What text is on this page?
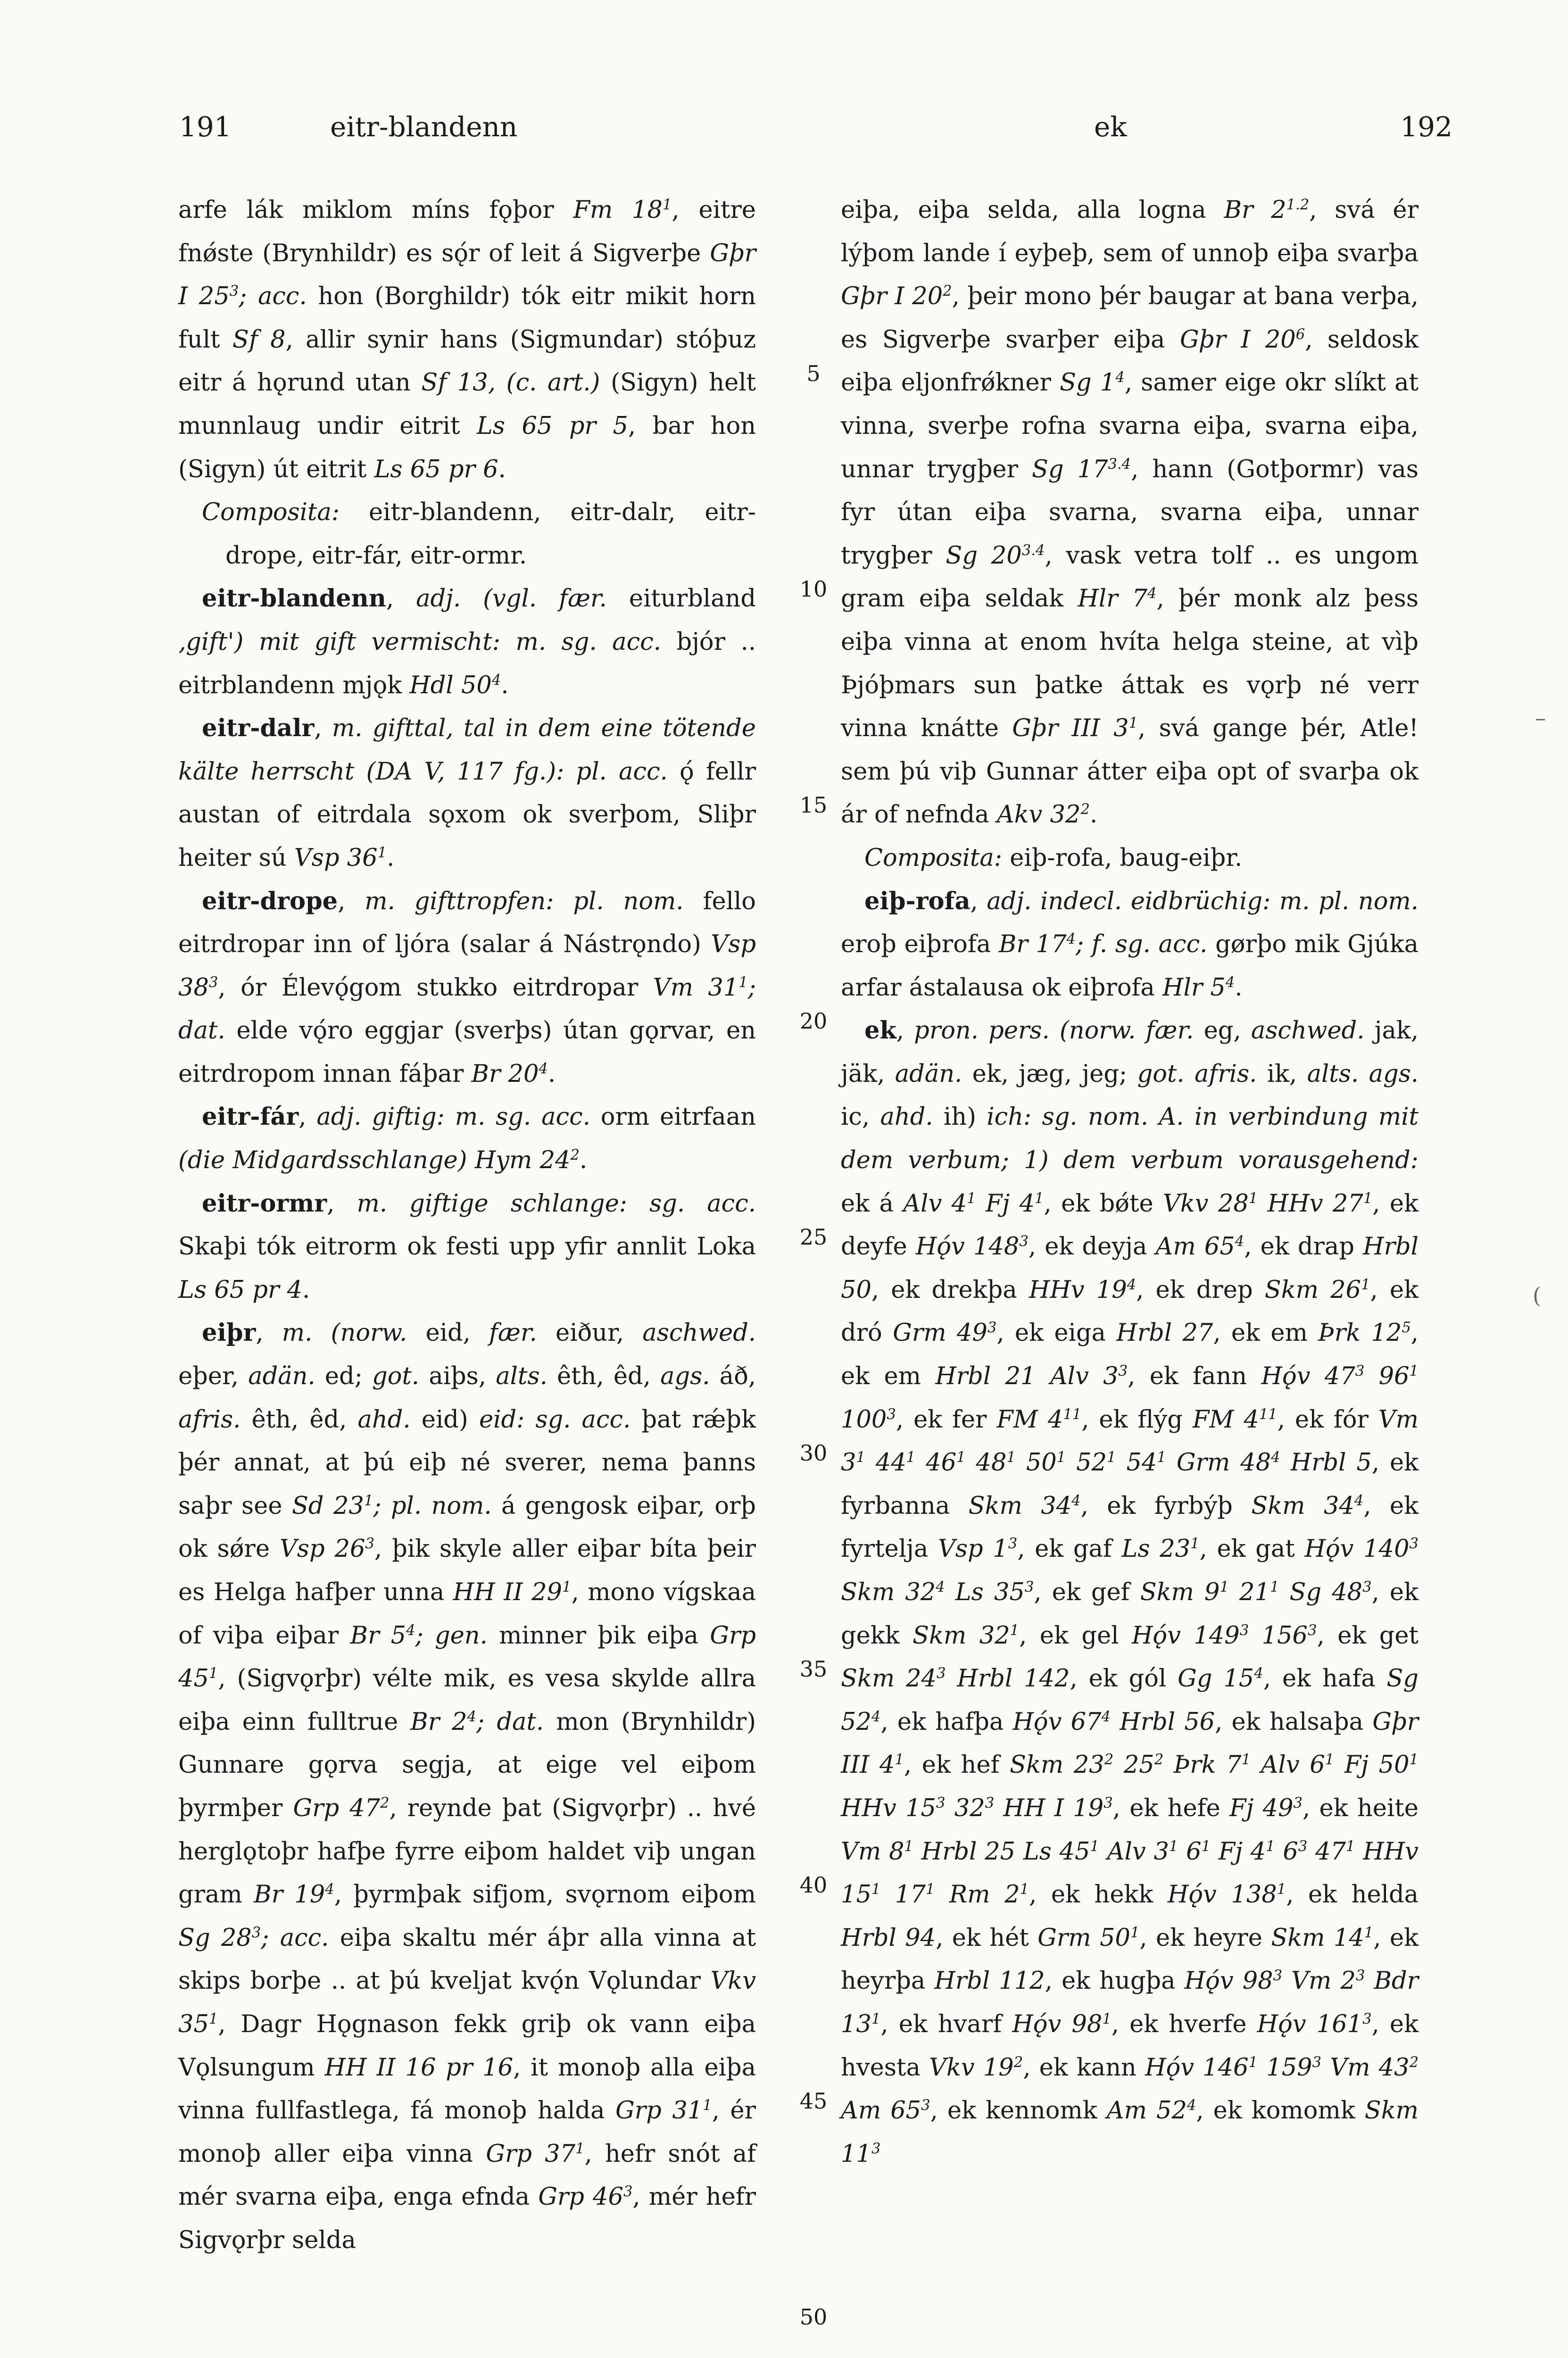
191	eitr-blandenn	ek	192

arfe lák miklom míns fǫþor Fm $18^1$, eitre fnǿste (Brynhildr) es sǫ́r of leit á Sigverþe Gþr I $25^3$; acc. hon (Borghildr) tók eitr mikit horn fult Sf 8, allir synir hans (Sigmundar) stóþuz eitr á hǫrund utan Sf 13, (c. art.) (Sigyn) helt munnlaug undir eitrit Ls 65 pr 5, bar hon (Sigyn) út eitrit Ls 65 pr 6.

Composita: eitr-blandenn, eitr-dalr, eitr-drope, eitr-fár, eitr-ormr.

eitr-blandenn, adj. (vgl. fær. eiturbland ‚gift') mit gift vermischt: m. sg. acc. bjór .. eitrblandenn mjǫk Hdl $50^4$.

eitr-dalr, m. gifttal, tal in dem eine tötende kälte herrscht (DA V, 117 fg.): pl. acc. ǫ́ fellr austan of eitrdala sǫxom ok sverþom, Sliþr heiter sú Vsp $36^1$.

eitr-drope, m. gifttropfen: pl. nom. fello eitrdropar inn of ljóra (salar á Nástrǫndo) Vsp $38^3$, ór Élevǫ́gom stukko eitrdropar Vm $31^1$; dat. elde vǫ́ro eggjar (sverþs) útan gǫrvar, en eitrdropom innan fáþar Br $20^4$.

eitr-fár, adj. giftig: m. sg. acc. orm eitrfaan (die Midgardsschlange) Hym $24^2$.

eitr-ormr, m. giftige schlange: sg. acc. Skaþi tók eitrorm ok festi upp yfir annlit Loka Ls 65 pr 4.

eiþr, m. (norw. eid, fær. eiður, aschwed. eþer, adän. ed; got. aiþs, alts. êth, êd, ags. áð, afris. êth, êd, ahd. eid) eid: sg. acc. þat rǽþk þér annat, at þú eiþ né sverer, nema þanns saþr see Sd $23^1$; pl. nom. á gengosk eiþar, orþ ok sǿre Vsp $26^3$, þik skyle aller eiþar bíta þeir es Helga hafþer unna HH II $29^1$, mono vígskaa of viþa eiþar Br $5^4$; gen. minner þik eiþa Grp $45^1$, (Sigvǫrþr) vélte mik, es vesa skylde allra eiþa einn fulltrue Br $2^4$; dat. mon (Brynhildr) Gunnare gǫrva segja, at eige vel eiþom þyrmþer Grp $47^2$, reynde þat (Sigvǫrþr) .. hvé herglǫtoþr hafþe fyrre eiþom haldet viþ ungan gram Br $19^4$, þyrmþak sifjom, svǫrnom eiþom Sg $28^3$; acc. eiþa skaltu mér áþr alla vinna at skips borþe .. at þú kveljat kvǫ́n Vǫlundar Vkv $35^1$, Dagr Hǫgnason fekk griþ ok vann eiþa Vǫlsungum HH II 16 pr 16, it monoþ alla eiþa vinna fullfastlega, fá monoþ halda Grp $31^1$, ér monoþ aller eiþa vinna Grp $37^1$, hefr snót af mér svarna eiþa, enga efnda Grp $46^3$, mér hefr Sigvǫrþr selda

5
10
15
20
25
30
35
40
45
50

eiþa, eiþa selda, alla logna Br $2^{1.2}$, svá ér lýþom lande í eyþeþ, sem of unnoþ eiþa svarþa Gþr I $20^2$, þeir mono þér baugar at bana verþa, es Sigverþe svarþer eiþa Gþr I $20^6$, seldosk eiþa eljonfrǿkner Sg $1^4$, samer eige okr slíkt at vinna, sverþe rofna svarna eiþa, svarna eiþa, unnar trygþer Sg $17^{3.4}$, hann (Gotþormr) vas fyr útan eiþa svarna, svarna eiþa, unnar trygþer Sg $20^{3.4}$, vask vetra tolf .. es ungom gram eiþa seldak Hlr $7^4$, þér monk alz þess eiþa vinna at enom hvíta helga steine, at vìþ Þjóþmars sun þatke áttak es vǫrþ né verr vinna knátte Gþr III $3^1$, svá gange þér, Atle! sem þú viþ Gunnar átter eiþa opt of svarþa ok ár of nefnda Akv $32^2$.

Composita: eiþ-rofa, baug-eiþr.

eiþ-rofa, adj. indecl. eidbrüchig: m. pl. nom. eroþ eiþrofa Br $17^4$; f. sg. acc. gørþo mik Gjúka arfar ástalausa ok eiþrofa Hlr $5^4$.

ek, pron. pers. (norw. fær. eg, aschwed. jak, jäk, adän. ek, jæg, jeg; got. afris. ik, alts. ags. ic, ahd. ih) ich: sg. nom. A. in verbindung mit dem verbum; 1) dem verbum vorausgehend: ek á Alv $4^1$ Fj $4^1$, ek bǿte Vkv $28^1$ HHv $27^1$, ek deyfe Hǫ́v $148^3$, ek deyja Am $65^4$, ek drap Hrbl 50, ek drekþa HHv $19^4$, ek drep Skm $26^1$, ek dró Grm $49^3$, ek eiga Hrbl 27, ek em Þrk $12^5$, ek em Hrbl 21 Alv $3^3$, ek fann Hǫ́v $47^3$ $96^1$ $100^3$, ek fer FM $4^{11}$, ek flýg FM $4^{11}$, ek fór Vm $3^1$ $44^1$ $46^1$ $48^1$ $50^1$ $52^1$ $54^1$ Grm $48^4$ Hrbl 5, ek fyrbanna Skm $34^4$, ek fyrbýþ Skm $34^4$, ek fyrtelja Vsp $1^3$, ek gaf Ls $23^1$, ek gat Hǫ́v $140^3$ Skm $32^4$ Ls $35^3$, ek gef Skm $9^1$ $21^1$ Sg $48^3$, ek gekk Skm $32^1$, ek gel Hǫ́v $149^3$ $156^3$, ek get Skm $24^3$ Hrbl 142, ek gól Gg $15^4$, ek hafa Sg $52^4$, ek hafþa Hǫ́v $67^4$ Hrbl 56, ek halsaþa Gþr III $4^1$, ek hef Skm $23^2$ $25^2$ Þrk $7^1$ Alv $6^1$ Fj $50^1$ HHv $15^3$ $32^3$ HH I $19^3$, ek hefe Fj $49^3$, ek heite Vm $8^1$ Hrbl 25 Ls $45^1$ Alv $3^1$ $6^1$ Fj $4^1$ $6^3$ $47^1$ HHv $15^1$ $17^1$ Rm $2^1$, ek hekk Hǫ́v $138^1$, ek helda Hrbl 94, ek hét Grm $50^1$, ek heyre Skm $14^1$, ek heyrþa Hrbl 112, ek hugþa Hǫ́v $98^3$ Vm $2^3$ Bdr $13^1$, ek hvarf Hǫ́v $98^1$, ek hverfe Hǫ́v $161^3$, ek hvesta Vkv $19^2$, ek kann Hǫ́v $146^1$ $159^3$ Vm $43^2$ Am $65^3$, ek kennomk Am $52^4$, ek komomk Skm $11^3$

–
(
